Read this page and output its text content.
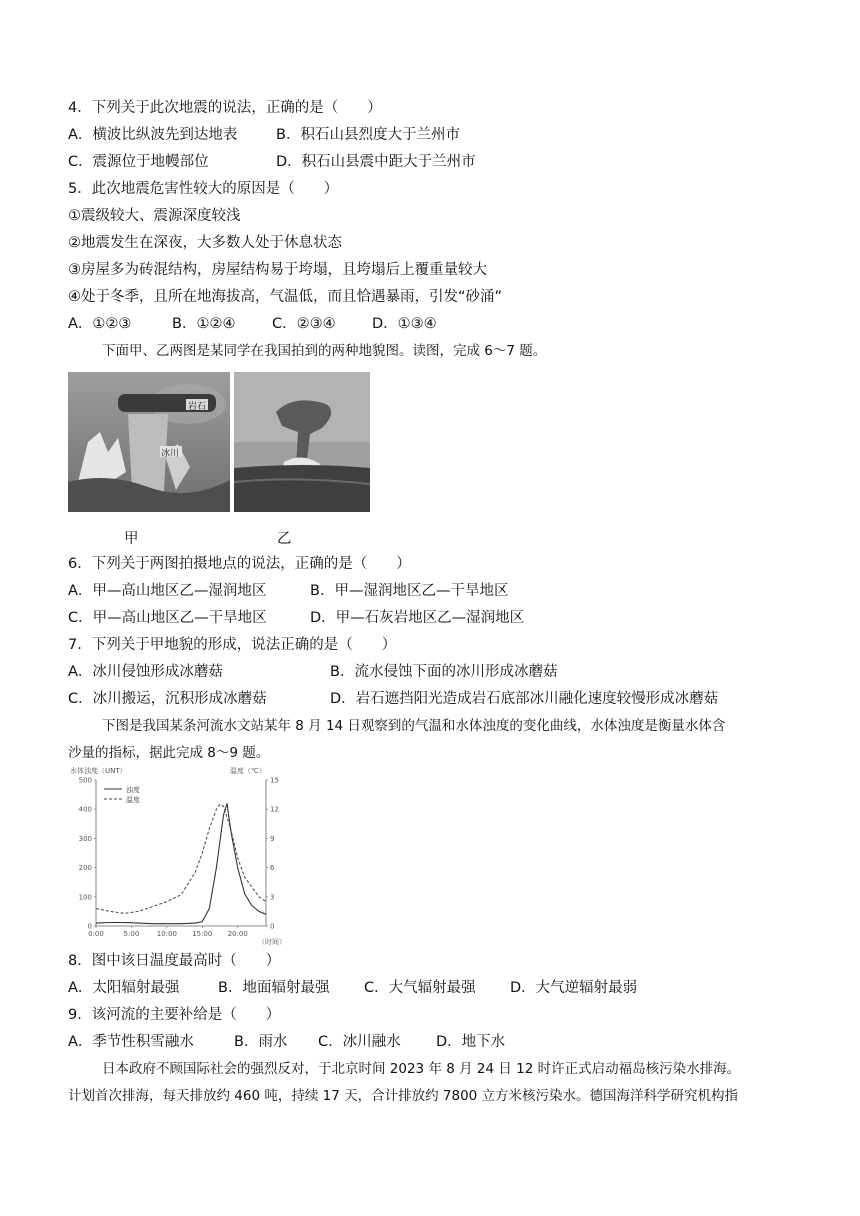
4．下列关于此次地震的说法，正确的是（　　）
A．横波比纵波先到达地表	B．积石山县烈度大于兰州市
C．震源位于地幔部位	D．积石山县震中距大于兰州市
5．此次地震危害性较大的原因是（　　）
①震级较大、震源深度较浅
②地震发生在深夜，大多数人处于休息状态
③房屋多为砖混结构，房屋结构易于垮塌，且垮塌后上覆重量较大
④处于冬季，且所在地海拔高，气温低，而且恰遇暴雨，引发“砂涌”
A．①②③	B．①②④	C．②③④	D．①③④
下面甲、乙两图是某同学在我国拍到的两种地貌图。读图，完成 6～7 题。
岩石
冰川
甲	乙
6．下列关于两图拍摄地点的说法，正确的是（　　）
A．甲—高山地区乙—湿润地区	B．甲—湿润地区乙—干旱地区
C．甲—高山地区乙—干旱地区	D．甲—石灰岩地区乙—湿润地区
7．下列关于甲地貌的形成，说法正确的是（　　）
A．冰川侵蚀形成冰蘑菇	B．流水侵蚀下面的冰川形成冰蘑菇
C．冰川搬运，沉积形成冰蘑菇	D．岩石遮挡阳光造成岩石底部冰川融化速度较慢形成冰蘑菇
下图是我国某条河流水文站某年 8 月 14 日观察到的气温和水体浊度的变化曲线，水体浊度是衡量水体含
沙量的指标，据此完成 8～9 题。
水体浊度（UNT）	温度（℃）
（时间）
0
100
200
300
400
500
0
3
6
9
12
15
0:00	5:00 10:00 15:00 20:00
浊度
温度
8．图中该日温度最高时（　　）
A．太阳辐射最强	B．地面辐射最强 C．大气辐射最强 D．大气逆辐射最弱
9．该河流的主要补给是（　　）
A．季节性积雪融水	B．雨水 C．冰川融水 D．地下水
日本政府不顾国际社会的强烈反对，于北京时间 2023 年 8 月 24 日 12 时许正式启动福岛核污染水排海。
计划首次排海，每天排放约 460 吨，持续 17 天，合计排放约 7800 立方米核污染水。德国海洋科学研究机构指
